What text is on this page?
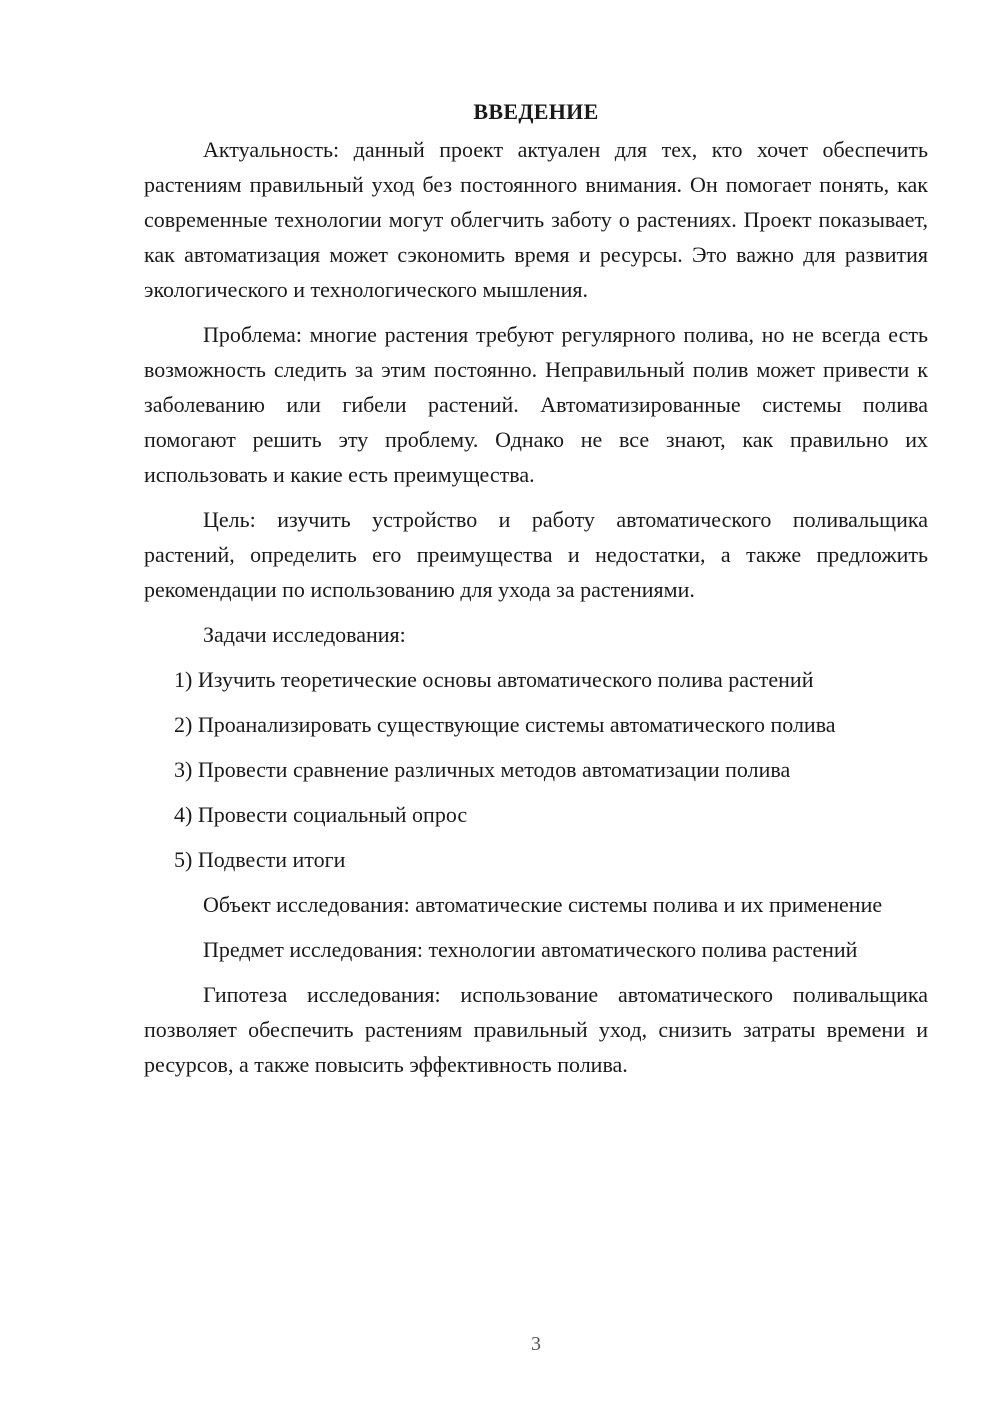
ВВЕДЕНИЕ

Актуальность: данный проект актуален для тех, кто хочет обеспечить растениям правильный уход без постоянного внимания. Он помогает понять, как современные технологии могут облегчить заботу о растениях. Проект показывает, как автоматизация может сэкономить время и ресурсы. Это важно для развития экологического и технологического мышления.

Проблема: многие растения требуют регулярного полива, но не всегда есть возможность следить за этим постоянно. Неправильный полив может привести к заболеванию или гибели растений. Автоматизированные системы полива помогают решить эту проблему. Однако не все знают, как правильно их использовать и какие есть преимущества.

Цель: изучить устройство и работу автоматического поливальщика растений, определить его преимущества и недостатки, а также предложить рекомендации по использованию для ухода за растениями.

Задачи исследования:

1) Изучить теоретические основы автоматического полива растений
2) Проанализировать существующие системы автоматического полива
3) Провести сравнение различных методов автоматизации полива
4) Провести социальный опрос
5) Подвести итоги

Объект исследования: автоматические системы полива и их применение

Предмет исследования: технологии автоматического полива растений

Гипотеза исследования: использование автоматического поливальщика позволяет обеспечить растениям правильный уход, снизить затраты времени и ресурсов, а также повысить эффективность полива.

3
